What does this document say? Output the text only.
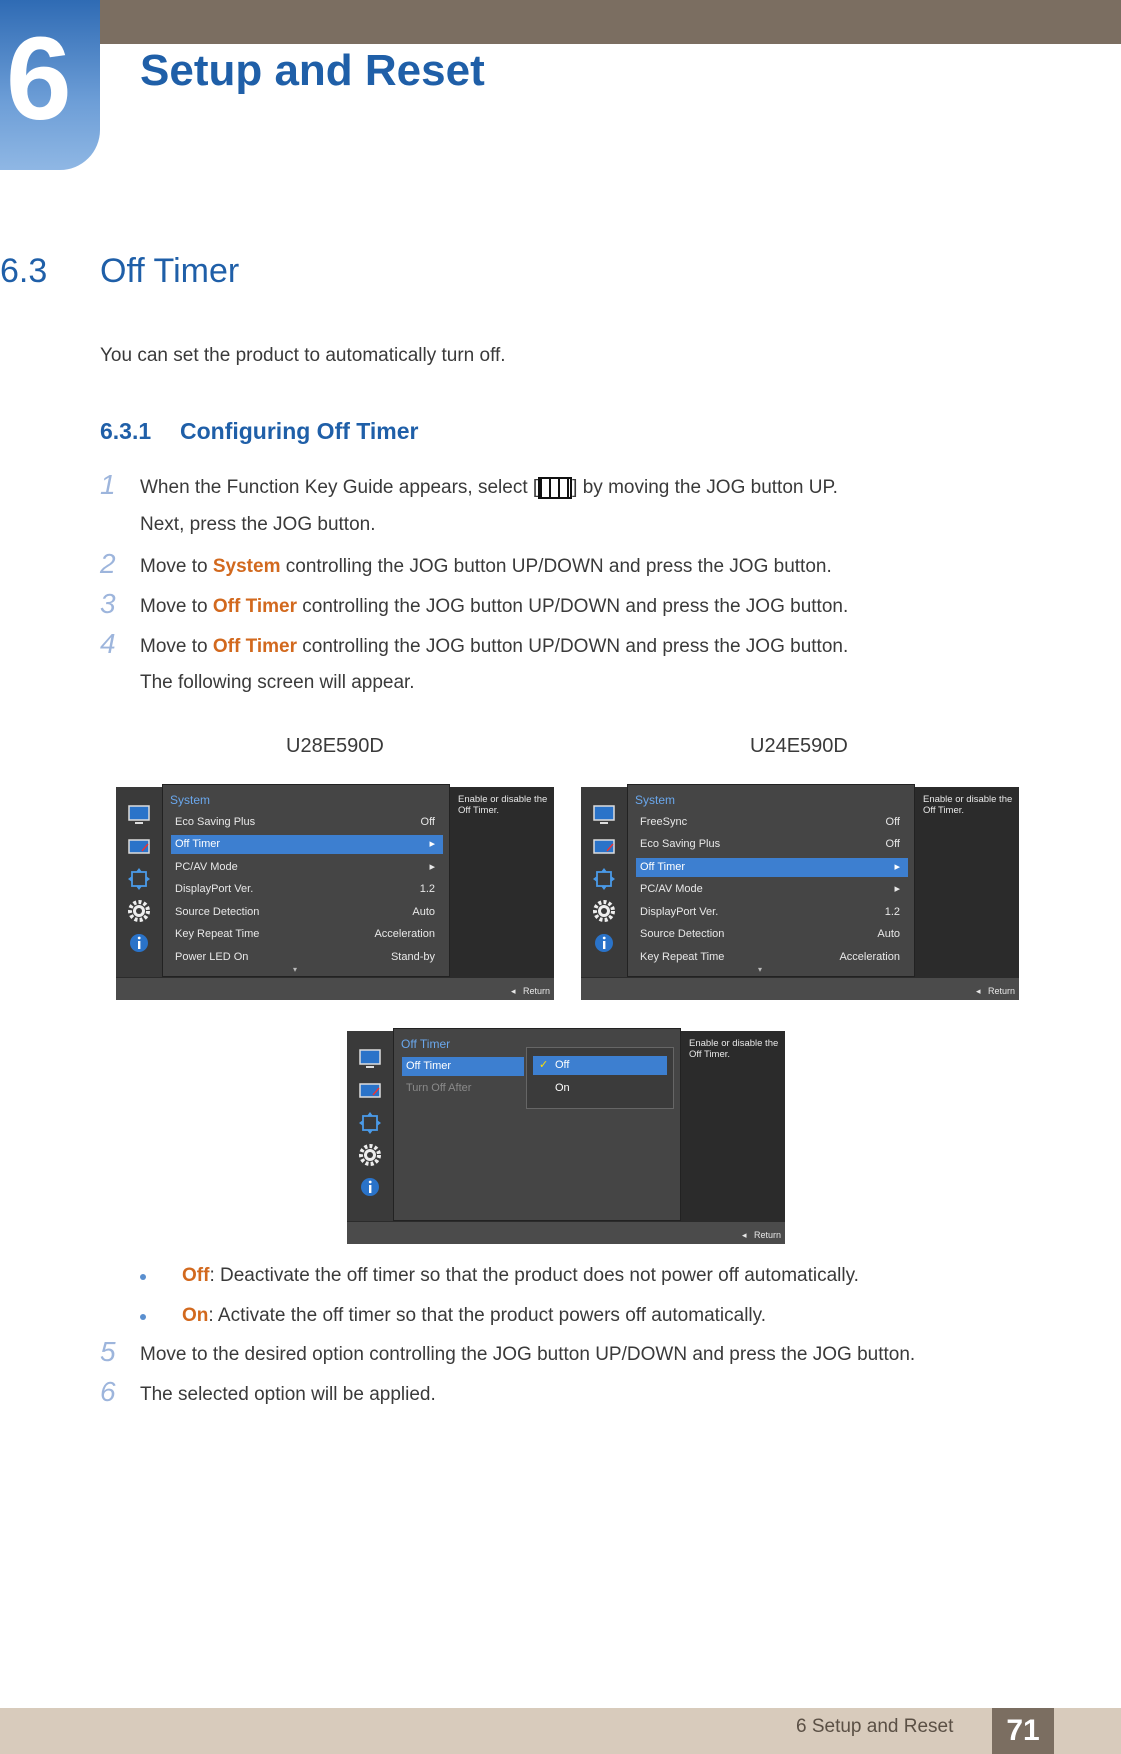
6 Setup and Reset
6.3 Off Timer
You can set the product to automatically turn off.
6.3.1 Configuring Off Timer
1 When the Function Key Guide appears, select [ ] by moving the JOG button UP.
Next, press the JOG button.
2 Move to System controlling the JOG button UP/DOWN and press the JOG button.
3 Move to Off Timer controlling the JOG button UP/DOWN and press the JOG button.
4 Move to Off Timer controlling the JOG button UP/DOWN and press the JOG button.
The following screen will appear.
U28E590D	U24E590D
System
Eco Saving Plus	Off
Off Timer	▸
PC/AV Mode	▸
DisplayPort Ver.	1.2
Source Detection	Auto
Key Repeat Time	Acceleration
Power LED On	Stand-by
▾
Enable or disable the Off Timer.
◂   Return
System
FreeSync	Off
Eco Saving Plus	Off
Off Timer	▸
PC/AV Mode	▸
DisplayPort Ver.	1.2
Source Detection	Auto
Key Repeat Time	Acceleration
▾
Enable or disable the Off Timer.
◂   Return
Off Timer
Off Timer
Turn Off After
✓ Off
On
Enable or disable the Off Timer.
◂   Return
Off: Deactivate the off timer so that the product does not power off automatically.
On: Activate the off timer so that the product powers off automatically.
5 Move to the desired option controlling the JOG button UP/DOWN and press the JOG button.
6 The selected option will be applied.
6 Setup and Reset	71
